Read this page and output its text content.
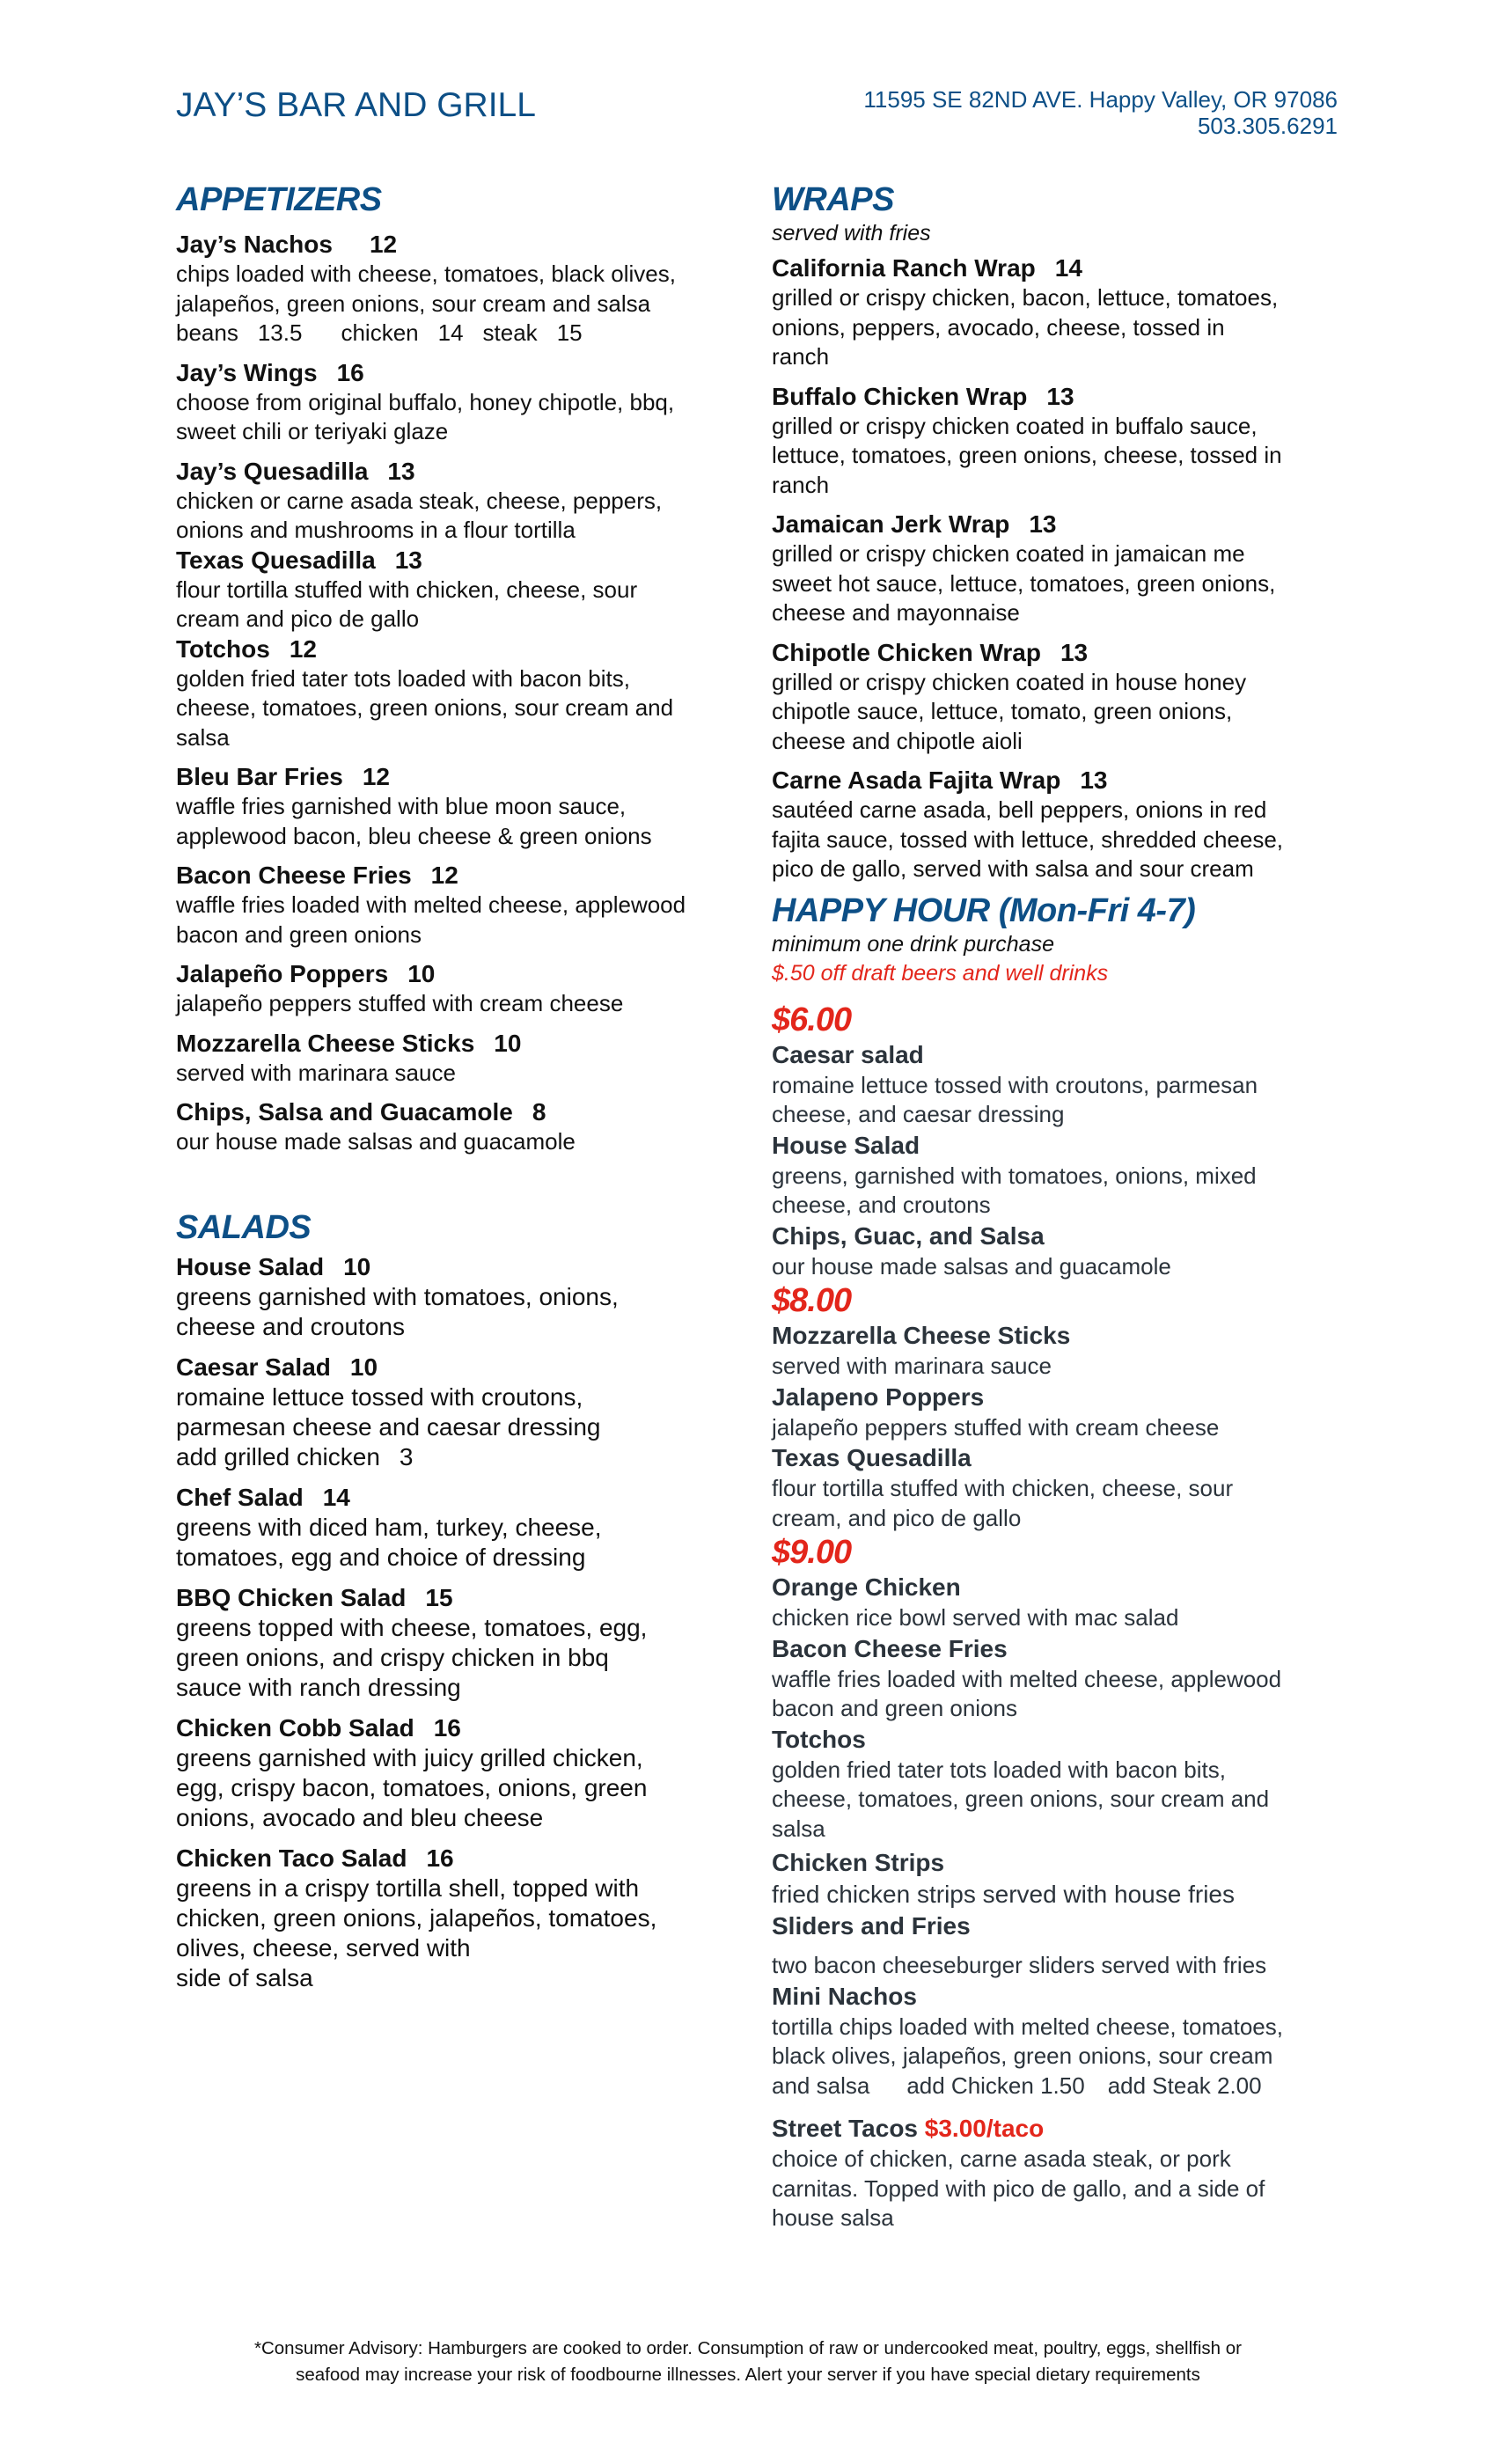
JAY’S BAR AND GRILL	11595 SE 82ND AVE. Happy Valley, OR 97086
503.305.6291
APPETIZERS
Jay’s Nachos 12
chips loaded with cheese, tomatoes, black olives,
jalapeños, green onions, sour cream and salsa
beans 13.5 chicken 14 steak 15
Jay’s Wings 16
choose from original buffalo, honey chipotle, bbq,
sweet chili or teriyaki glaze
Jay’s Quesadilla 13
chicken or carne asada steak, cheese, peppers,
onions and mushrooms in a flour tortilla
Texas Quesadilla 13
flour tortilla stuffed with chicken, cheese, sour
cream and pico de gallo
Totchos 12
golden fried tater tots loaded with bacon bits,
cheese, tomatoes, green onions, sour cream and
salsa
Bleu Bar Fries 12
waffle fries garnished with blue moon sauce,
applewood bacon, bleu cheese & green onions
Bacon Cheese Fries 12
waffle fries loaded with melted cheese, applewood
bacon and green onions
Jalapeño Poppers 10
jalapeño peppers stuffed with cream cheese
Mozzarella Cheese Sticks 10
served with marinara sauce
Chips, Salsa and Guacamole 8
our house made salsas and guacamole
SALADS
House Salad 10
greens garnished with tomatoes, onions,
cheese and croutons
Caesar Salad 10
romaine lettuce tossed with croutons,
parmesan cheese and caesar dressing
add grilled chicken 3
Chef Salad 14
greens with diced ham, turkey, cheese,
tomatoes, egg and choice of dressing
BBQ Chicken Salad 15
greens topped with cheese, tomatoes, egg,
green onions, and crispy chicken in bbq
sauce with ranch dressing
Chicken Cobb Salad 16
greens garnished with juicy grilled chicken,
egg, crispy bacon, tomatoes, onions, green
onions, avocado and bleu cheese
Chicken Taco Salad 16
greens in a crispy tortilla shell, topped with
chicken, green onions, jalapeños, tomatoes,
olives, cheese, served with
side of salsa
WRAPS
served with fries
California Ranch Wrap 14
grilled or crispy chicken, bacon, lettuce, tomatoes,
onions, peppers, avocado, cheese, tossed in
ranch
Buffalo Chicken Wrap 13
grilled or crispy chicken coated in buffalo sauce,
lettuce, tomatoes, green onions, cheese, tossed in
ranch
Jamaican Jerk Wrap 13
grilled or crispy chicken coated in jamaican me
sweet hot sauce, lettuce, tomatoes, green onions,
cheese and mayonnaise
Chipotle Chicken Wrap 13
grilled or crispy chicken coated in house honey
chipotle sauce, lettuce, tomato, green onions,
cheese and chipotle aioli
Carne Asada Fajita Wrap 13
sautéed carne asada, bell peppers, onions in red
fajita sauce, tossed with lettuce, shredded cheese,
pico de gallo, served with salsa and sour cream
HAPPY HOUR (Mon-Fri 4-7)
minimum one drink purchase
$.50 off draft beers and well drinks
$6.00
Caesar salad
romaine lettuce tossed with croutons, parmesan
cheese, and caesar dressing
House Salad
greens, garnished with tomatoes, onions, mixed
cheese, and croutons
Chips, Guac, and Salsa
our house made salsas and guacamole
$8.00
Mozzarella Cheese Sticks
served with marinara sauce
Jalapeno Poppers
jalapeño peppers stuffed with cream cheese
Texas Quesadilla
flour tortilla stuffed with chicken, cheese, sour
cream, and pico de gallo
$9.00
Orange Chicken
chicken rice bowl served with mac salad
Bacon Cheese Fries
waffle fries loaded with melted cheese, applewood
bacon and green onions
Totchos
golden fried tater tots loaded with bacon bits,
cheese, tomatoes, green onions, sour cream and
salsa
Chicken Strips
fried chicken strips served with house fries
Sliders and Fries
two bacon cheeseburger sliders served with fries
Mini Nachos
tortilla chips loaded with melted cheese, tomatoes,
black olives, jalapeños, green onions, sour cream
and salsa add Chicken 1.50 add Steak 2.00
Street Tacos $3.00/taco
choice of chicken, carne asada steak, or pork
carnitas. Topped with pico de gallo, and a side of
house salsa
*Consumer Advisory: Hamburgers are cooked to order. Consumption of raw or undercooked meat, poultry, eggs, shellfish or
seafood may increase your risk of foodbourne illnesses. Alert your server if you have special dietary requirements
